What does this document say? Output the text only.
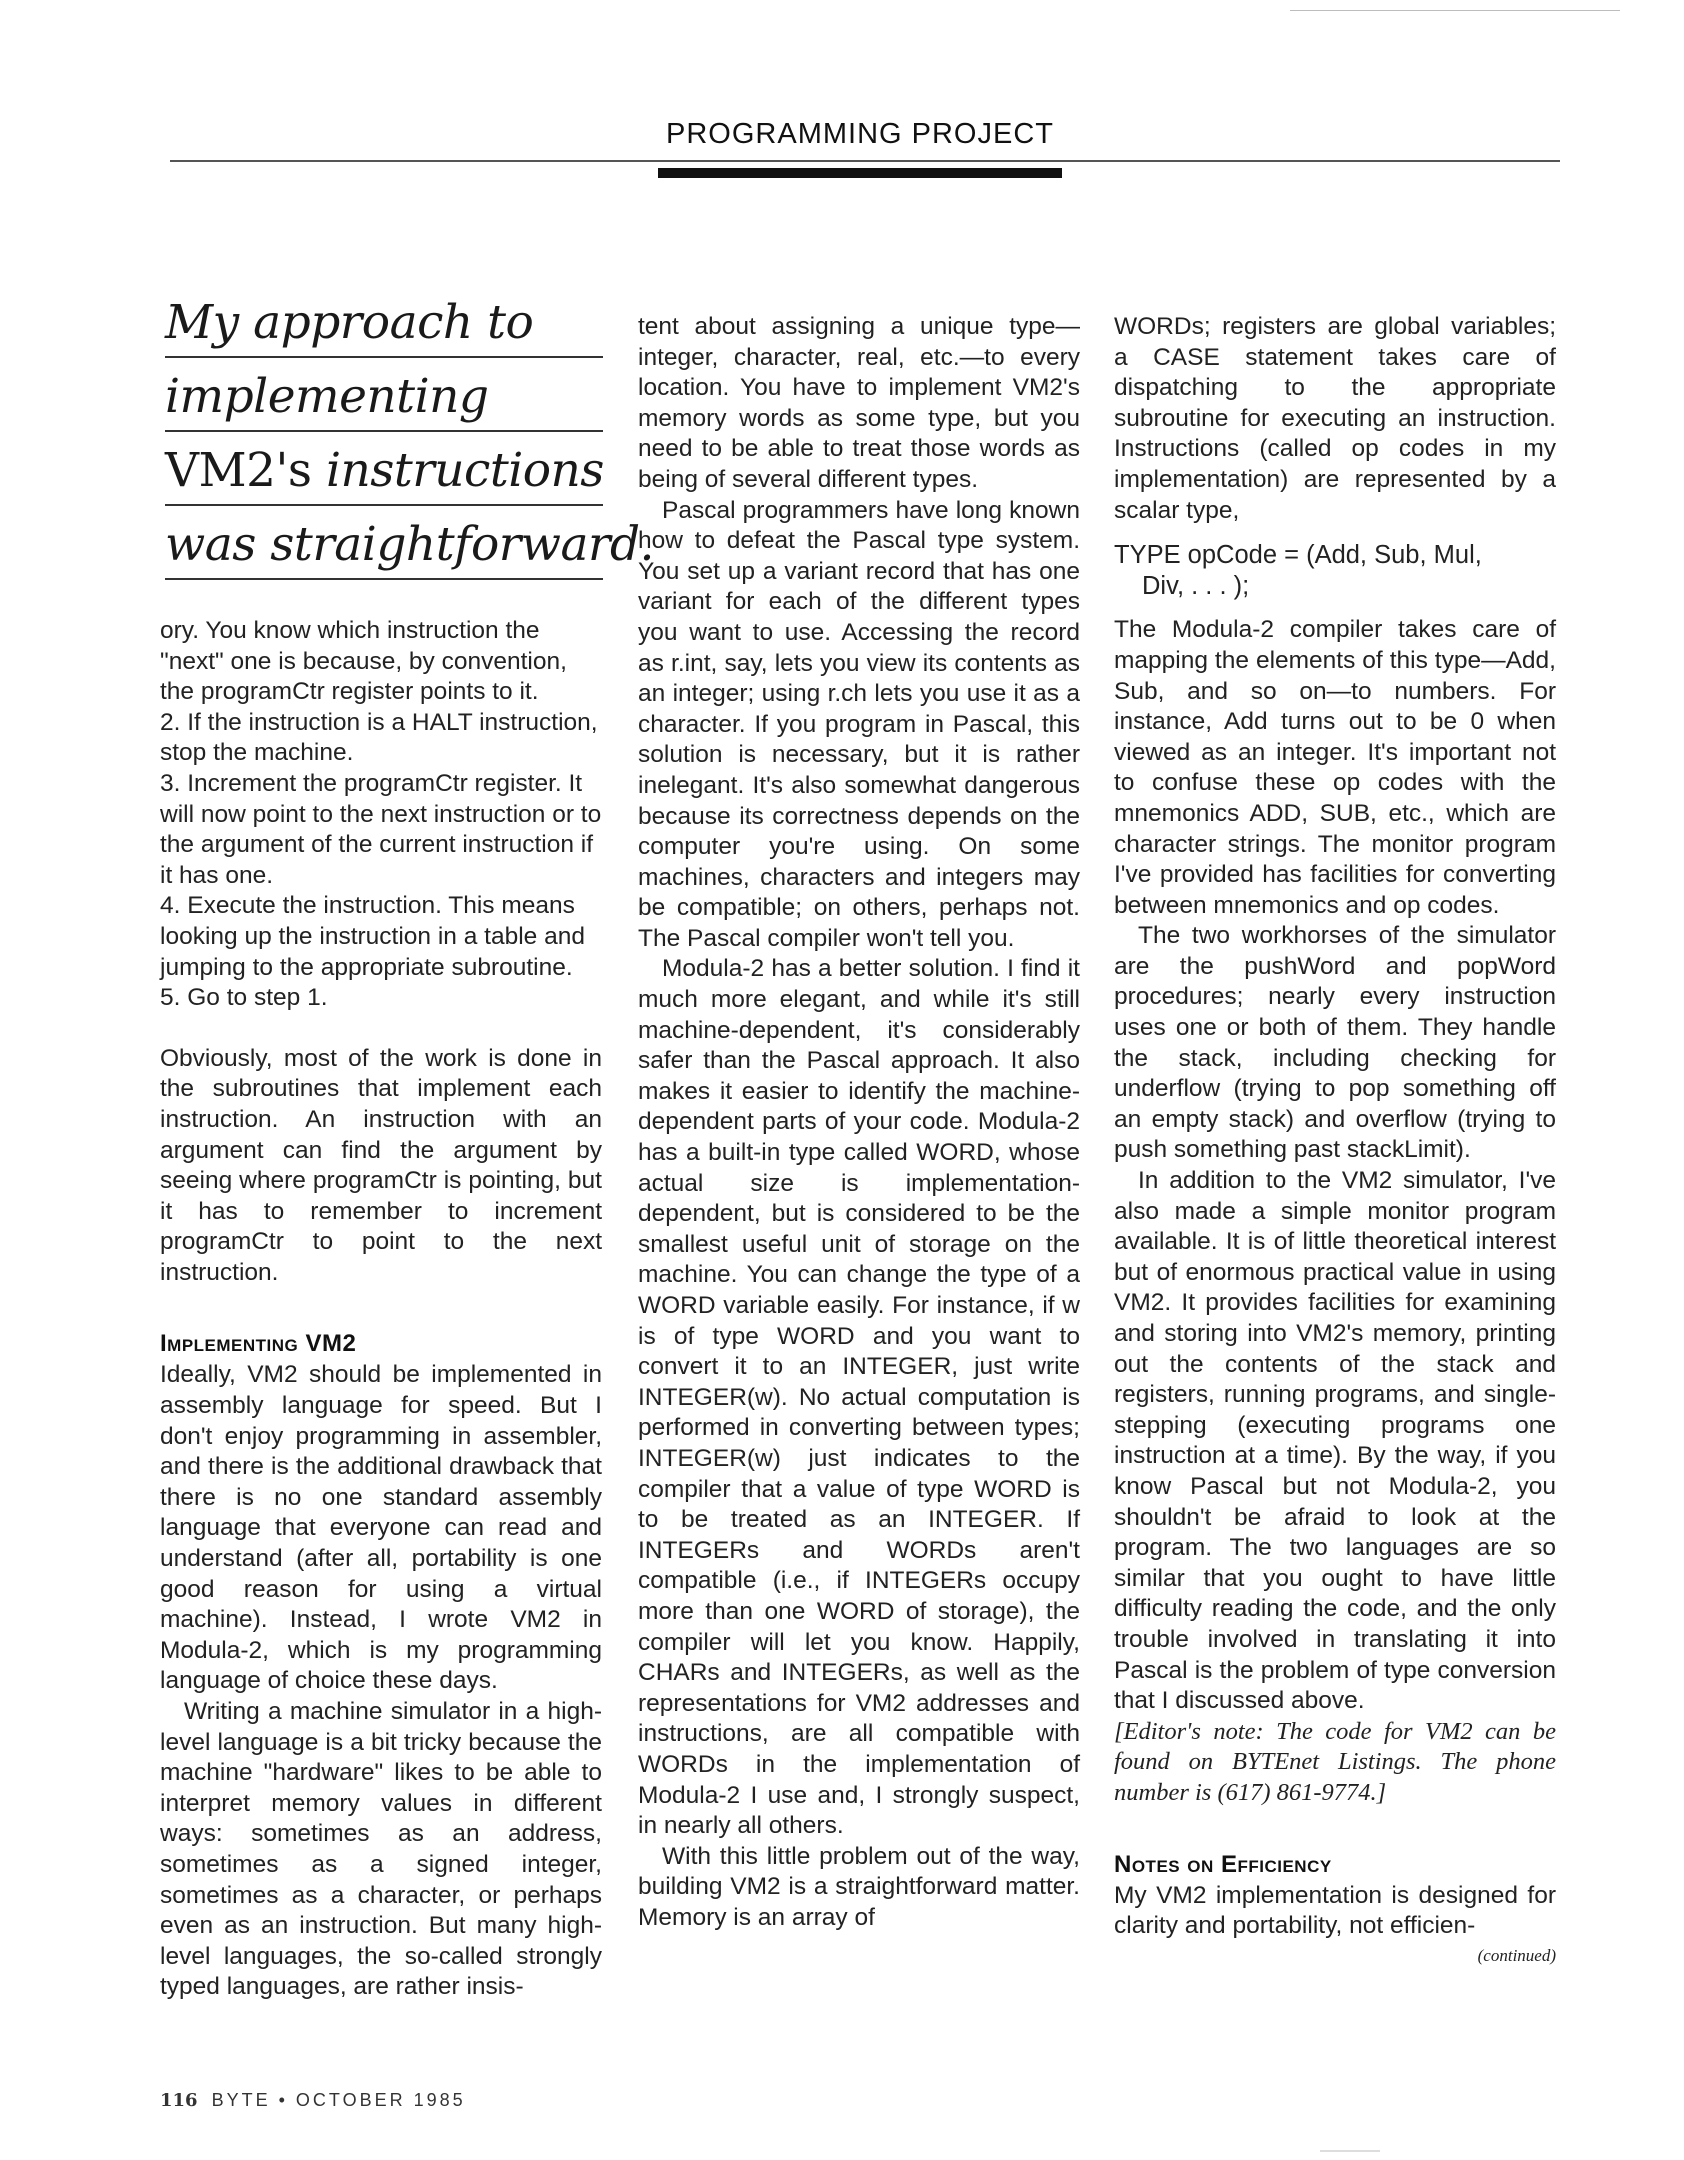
PROGRAMMING PROJECT
My approach to
implementing
VM2's instructions
was straightforward.

ory. You know which instruction the "next" one is because, by convention, the programCtr register points to it.

2. If the instruction is a HALT instruction, stop the machine.

3. Increment the programCtr register. It will now point to the next instruction or to the argument of the current instruction if it has one.

4. Execute the instruction. This means looking up the instruction in a table and jumping to the appropriate subroutine.

5. Go to step 1.

Obviously, most of the work is done in the subroutines that implement each instruction. An instruction with an argument can find the argument by seeing where programCtr is pointing, but it has to remember to increment programCtr to point to the next instruction.

Implementing VM2

Ideally, VM2 should be implemented in assembly language for speed. But I don't enjoy programming in assembler, and there is the additional drawback that there is no one standard assembly language that everyone can read and understand (after all, portability is one good reason for using a virtual machine). Instead, I wrote VM2 in Modula-2, which is my programming language of choice these days.

Writing a machine simulator in a high-level language is a bit tricky because the machine "hardware" likes to be able to interpret memory values in different ways: sometimes as an address, sometimes as a signed integer, sometimes as a character, or perhaps even as an instruction. But many high-level languages, the so-called strongly typed languages, are rather insis-

tent about assigning a unique type—integer, character, real, etc.—to every location. You have to implement VM2's memory words as some type, but you need to be able to treat those words as being of several different types.

Pascal programmers have long known how to defeat the Pascal type system. You set up a variant record that has one variant for each of the different types you want to use. Accessing the record as r.int, say, lets you view its contents as an integer; using r.ch lets you use it as a character. If you program in Pascal, this solution is necessary, but it is rather inelegant. It's also somewhat dangerous because its correctness depends on the computer you're using. On some machines, characters and integers may be compatible; on others, perhaps not. The Pascal compiler won't tell you.

Modula-2 has a better solution. I find it much more elegant, and while it's still machine-dependent, it's considerably safer than the Pascal approach. It also makes it easier to identify the machine-dependent parts of your code. Modula-2 has a built-in type called WORD, whose actual size is implementation-dependent, but is considered to be the smallest useful unit of storage on the machine. You can change the type of a WORD variable easily. For instance, if w is of type WORD and you want to convert it to an INTEGER, just write INTEGER(w). No actual computation is performed in converting between types; INTEGER(w) just indicates to the compiler that a value of type WORD is to be treated as an INTEGER. If INTEGERs and WORDs aren't compatible (i.e., if INTEGERs occupy more than one WORD of storage), the compiler will let you know. Happily, CHARs and INTEGERs, as well as the representations for VM2 addresses and instructions, are all compatible with WORDs in the implementation of Modula-2 I use and, I strongly suspect, in nearly all others.

With this little problem out of the way, building VM2 is a straightforward matter. Memory is an array of

WORDs; registers are global variables; a CASE statement takes care of dispatching to the appropriate subroutine for executing an instruction. Instructions (called op codes in my implementation) are represented by a scalar type,

TYPE opCode = (Add, Sub, Mul,
Div, . . . );

The Modula-2 compiler takes care of mapping the elements of this type—Add, Sub, and so on—to numbers. For instance, Add turns out to be 0 when viewed as an integer. It's important not to confuse these op codes with the mnemonics ADD, SUB, etc., which are character strings. The monitor program I've provided has facilities for converting between mnemonics and op codes.

The two workhorses of the simulator are the pushWord and popWord procedures; nearly every instruction uses one or both of them. They handle the stack, including checking for underflow (trying to pop something off an empty stack) and overflow (trying to push something past stackLimit).

In addition to the VM2 simulator, I've also made a simple monitor program available. It is of little theoretical interest but of enormous practical value in using VM2. It provides facilities for examining and storing into VM2's memory, printing out the contents of the stack and registers, running programs, and single-stepping (executing programs one instruction at a time). By the way, if you know Pascal but not Modula-2, you shouldn't be afraid to look at the program. The two languages are so similar that you ought to have little difficulty reading the code, and the only trouble involved in translating it into Pascal is the problem of type conversion that I discussed above.

[Editor's note: The code for VM2 can be found on BYTEnet Listings. The phone number is (617) 861-9774.]

Notes on Efficiency

My VM2 implementation is designed for clarity and portability, not efficien-

(continued)
116 BYTE • OCTOBER 1985
